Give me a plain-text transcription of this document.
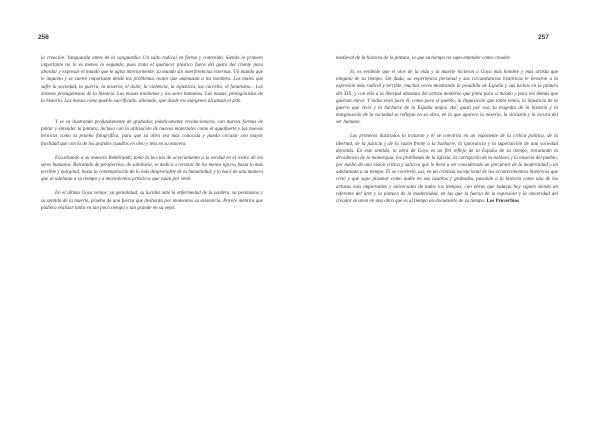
256

la creación. Vanguardia antes de la vanguardia. Un salto radical en forma y contenido. Siendo lo primero importante no lo es menos lo segundo, pues trata el quehacer plástico fuera del gusto del cliente para abordar y expresar el mundo que le agita interiormente, su mundo sin interferencias externas. Un mundo que le inquieta y se vuelve importante desde los problemas reales que amenazan a los hombres. Los males que sufre la sociedad, la guerra, la miseria, el dolor, la violencia, la injusticia, las cárceles, el fanatismo... Los mismos protagonistas de la historia. Las masas anónimas y los seres humanos. Las masas, protagonistas de la historia. Las masas como pueblo sacrificado, alienado, que desde los márgenes alcanzan el arte.

Y se va ilustrando profundamente de grabador, plásticamente revolucionario, con nuevas formas de pintar y entender la pintura, incluso con la utilización de nuevos materiales como el aguafuerte y las nuevas técnicas como la prueba fotográfica, para que su obra sea más conocida y pueda circular con mayor facilidad que con la de los grandes cuadros en óleo y tela en su manera.

Escuchando a su maestro Rembrandt, tomó la lección de acercamiento a la verdad en el rostro de los seres humanos. Retratado de perspectiva, de sabiduría, se dedicó a retratar de los menos típicos hasta lo más terrible y marginal, hasta la contemplación de lo más despreciable de la humanidad, y lo hace de una manera que se adelanta a su tiempo y a movimientos artísticos que están por venir.

En el último Goya vemos: su genialidad, su lucidez ante la enfermedad de la sordera, su pesimismo y su sentido de la muerte, prueba de una fuerza que desborda por momentos su existencia. Parece mentira que pudiera realizar tanto en tan poco tiempo y tan grande en su vejez.

257

medieval de la historia de la pintura, lo que su tiempo no supo entender como creador.

Sí, es evidente que el olor de la vida y la muerte hicieron a Goya más hombre y más artista que ninguno de su tiempo. Sin duda, su experiencia personal y sus circunstancias históricas le llevaron a la expresión más radical y terrible, muchas veces mostrando la pesadilla de España y sus luchas en la pintura del XIX, y con ello a la libertad absoluta del artista moderno que pinta para sí mismo y para los demás que quieran mirar. Y todos eran para él, como para el pueblo, la Inquisición que tanto temía, la injusticia de la guerra que vivió y la barbarie de la España negra. Así, quizá por eso, la tragedia de la historia y la marginación de la sociedad se reflejan en su obra, en la que aparece la miseria, la sinrazón y la locura del ser humano.

Los primeros ilustrados lo trataron y él se convirtió en un exponente de la crítica política, de la libertad, de la justicia y de la razón frente a la barbarie, la ignorancia y la superstición de una sociedad dormida. En este sentido, la obra de Goya es un fiel reflejo de la España de su tiempo, retratando la decadencia de la monarquía, los problemas de la Iglesia, la corrupción de la nobleza y la miseria del pueblo, por medio de una visión crítica y satírica que le llevó a ser considerado un precursor de la modernidad y un adelantado a su tiempo. Él se convirtió, así, en un cronista excepcional de los acontecimientos históricos que vivió y que supo plasmar como nadie en sus cuadros y grabados, pasando a la historia como uno de los artistas más importantes y universales de todos los tiempos, con obras que todavía hoy siguen siendo un referente del arte y la pintura de la modernidad, en las que la fuerza de la expresión y la sinceridad del creador se unen en una obra que es al tiempo un documento de su tiempo. Los Proverbios
